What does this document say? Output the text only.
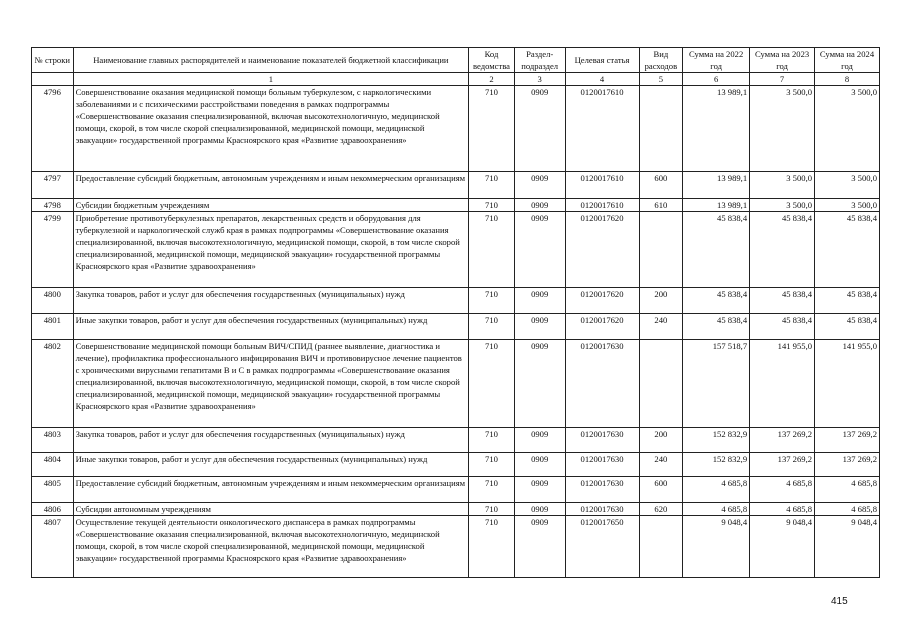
№ строки	Наименование главных распорядителей и наименование показателей бюджетной классификации	Код ведомства	Раздел-подраздел	Целевая статья	Вид расходов	Сумма на 2022 год	Сумма на 2023 год	Сумма на 2024 год
	1	2	3	4	5	6	7	8
4796	Совершенствование оказания медицинской помощи больным туберкулезом, с наркологическими заболеваниями и с психическими расстройствами поведения в рамках подпрограммы «Совершенствование оказания специализированной, включая высокотехнологичную, медицинской помощи, скорой, в том числе скорой специализированной, медицинской помощи, медицинской эвакуации» государственной программы Красноярского края «Развитие здравоохранения»	710	0909	0120017610		13 989,1	3 500,0	3 500,0
4797	Предоставление субсидий бюджетным, автономным учреждениям и иным некоммерческим организациям	710	0909	0120017610	600	13 989,1	3 500,0	3 500,0
4798	Субсидии бюджетным учреждениям	710	0909	0120017610	610	13 989,1	3 500,0	3 500,0
4799	Приобретение противотуберкулезных препаратов, лекарственных средств и оборудования для туберкулезной и наркологической служб края в рамках подпрограммы «Совершенствование оказания специализированной, включая высокотехнологичную, медицинской помощи, скорой, в том числе скорой специализированной, медицинской помощи, медицинской эвакуации» государственной программы Красноярского края «Развитие здравоохранения»	710	0909	0120017620		45 838,4	45 838,4	45 838,4
4800	Закупка товаров, работ и услуг для обеспечения государственных (муниципальных) нужд	710	0909	0120017620	200	45 838,4	45 838,4	45 838,4
4801	Иные закупки товаров, работ и услуг для обеспечения государственных (муниципальных) нужд	710	0909	0120017620	240	45 838,4	45 838,4	45 838,4
4802	Совершенствование медицинской помощи больным ВИЧ/СПИД (раннее выявление, диагностика и лечение), профилактика профессионального инфицирования ВИЧ и противовирусное лечение пациентов с хроническими вирусными гепатитами В и С в рамках подпрограммы «Совершенствование оказания специализированной, включая высокотехнологичную, медицинской помощи, скорой, в том числе скорой специализированной, медицинской помощи, медицинской эвакуации» государственной программы Красноярского края «Развитие здравоохранения»	710	0909	0120017630		157 518,7	141 955,0	141 955,0
4803	Закупка товаров, работ и услуг для обеспечения государственных (муниципальных) нужд	710	0909	0120017630	200	152 832,9	137 269,2	137 269,2
4804	Иные закупки товаров, работ и услуг для обеспечения государственных (муниципальных) нужд	710	0909	0120017630	240	152 832,9	137 269,2	137 269,2
4805	Предоставление субсидий бюджетным, автономным учреждениям и иным некоммерческим организациям	710	0909	0120017630	600	4 685,8	4 685,8	4 685,8
4806	Субсидии автономным учреждениям	710	0909	0120017630	620	4 685,8	4 685,8	4 685,8
4807	Осуществление текущей деятельности онкологического диспансера в рамках подпрограммы «Совершенствование оказания специализированной, включая высокотехнологичную, медицинской помощи, скорой, в том числе скорой специализированной, медицинской помощи, медицинской эвакуации» государственной программы Красноярского края «Развитие здравоохранения»	710	0909	0120017650		9 048,4	9 048,4	9 048,4
415
